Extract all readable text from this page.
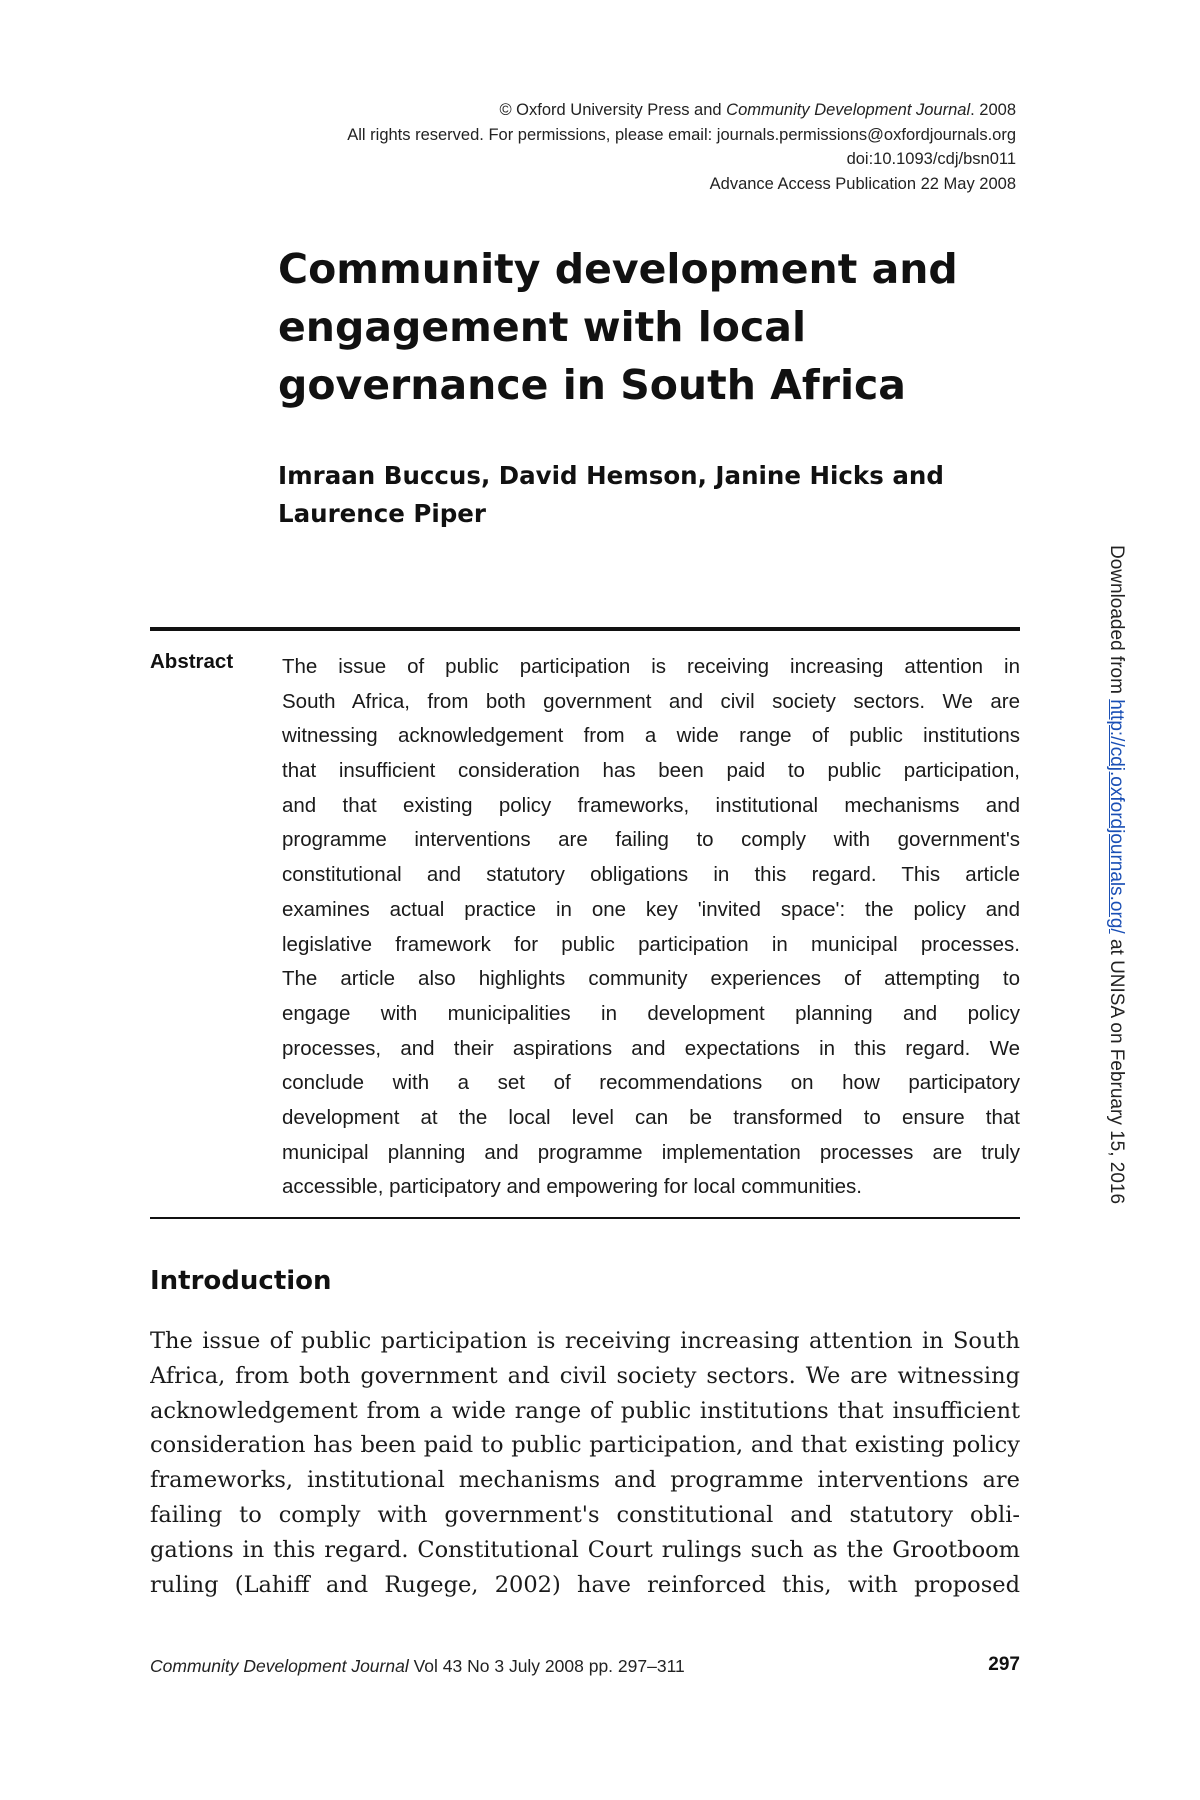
© Oxford University Press and Community Development Journal. 2008
All rights reserved. For permissions, please email: journals.permissions@oxfordjournals.org
doi:10.1093/cdj/bsn011
Advance Access Publication 22 May 2008
Community development and
engagement with local
governance in South Africa
Imraan Buccus, David Hemson, Janine Hicks and
Laurence Piper
Abstract The issue of public participation is receiving increasing attention in
South Africa, from both government and civil society sectors. We are
witnessing acknowledgement from a wide range of public institutions
that insufficient consideration has been paid to public participation,
and that existing policy frameworks, institutional mechanisms and
programme interventions are failing to comply with government's
constitutional and statutory obligations in this regard. This article
examines actual practice in one key 'invited space': the policy and
legislative framework for public participation in municipal processes.
The article also highlights community experiences of attempting to
engage with municipalities in development planning and policy
processes, and their aspirations and expectations in this regard. We
conclude with a set of recommendations on how participatory
development at the local level can be transformed to ensure that
municipal planning and programme implementation processes are truly
accessible, participatory and empowering for local communities.
Introduction
The issue of public participation is receiving increasing attention in South
Africa, from both government and civil society sectors. We are witnessing
acknowledgement from a wide range of public institutions that insufficient
consideration has been paid to public participation, and that existing policy
frameworks, institutional mechanisms and programme interventions are
failing to comply with government's constitutional and statutory obli-
gations in this regard. Constitutional Court rulings such as the Grootboom
ruling (Lahiff and Rugege, 2002) have reinforced this, with proposed
Community Development Journal Vol 43 No 3 July 2008 pp. 297–311	297
Downloaded from http://cdj.oxfordjournals.org/ at UNISA on February 15, 2016
